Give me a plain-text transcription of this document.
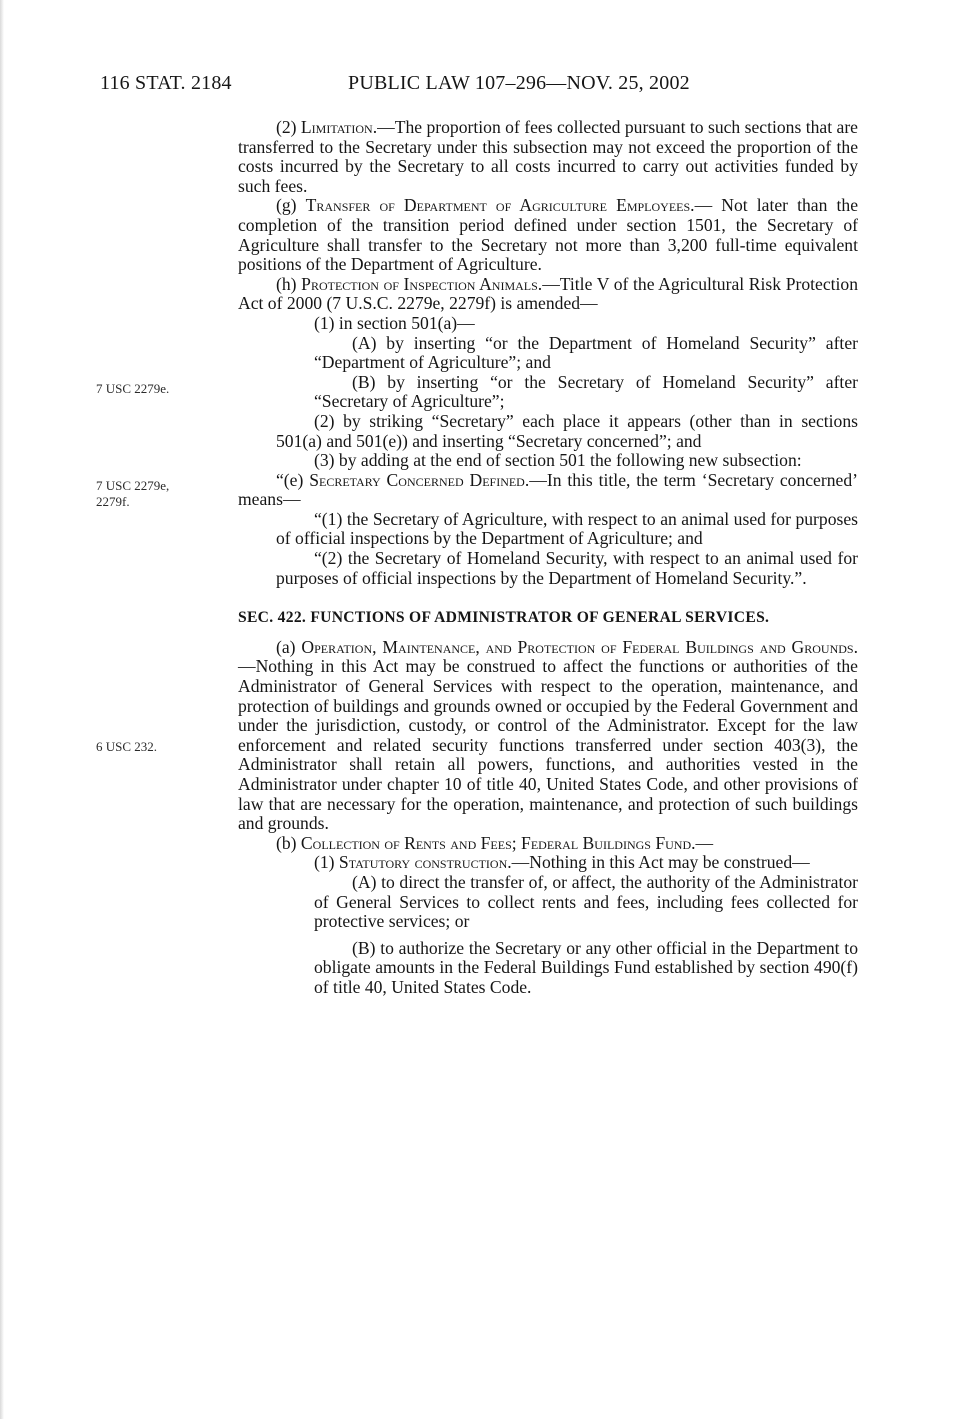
116 STAT. 2184	PUBLIC LAW 107–296—NOV. 25, 2002
7 USC 2279e.
7 USC 2279e,
2279f.
6 USC 232.

(2) Limitation.—The proportion of fees collected pursuant to such sections that are transferred to the Secretary under this subsection may not exceed the proportion of the costs incurred by the Secretary to all costs incurred to carry out activities funded by such fees.

(g) Transfer of Department of Agriculture Employees.— Not later than the completion of the transition period defined under section 1501, the Secretary of Agriculture shall transfer to the Secretary not more than 3,200 full-time equivalent positions of the Department of Agriculture.

(h) Protection of Inspection Animals.—Title V of the Agricultural Risk Protection Act of 2000 (7 U.S.C. 2279e, 2279f) is amended—

(1) in section 501(a)—

(A) by inserting “or the Department of Homeland Security” after “Department of Agriculture”; and

(B) by inserting “or the Secretary of Homeland Security” after “Secretary of Agriculture”;

(2) by striking “Secretary” each place it appears (other than in sections 501(a) and 501(e)) and inserting “Secretary concerned”; and

(3) by adding at the end of section 501 the following new subsection:

“(e) Secretary Concerned Defined.—In this title, the term ‘Secretary concerned’ means—

“(1) the Secretary of Agriculture, with respect to an animal used for purposes of official inspections by the Department of Agriculture; and

“(2) the Secretary of Homeland Security, with respect to an animal used for purposes of official inspections by the Department of Homeland Security.”.

SEC. 422. FUNCTIONS OF ADMINISTRATOR OF GENERAL SERVICES.

(a) Operation, Maintenance, and Protection of Federal Buildings and Grounds.—Nothing in this Act may be construed to affect the functions or authorities of the Administrator of General Services with respect to the operation, maintenance, and protection of buildings and grounds owned or occupied by the Federal Government and under the jurisdiction, custody, or control of the Administrator. Except for the law enforcement and related security functions transferred under section 403(3), the Administrator shall retain all powers, functions, and authorities vested in the Administrator under chapter 10 of title 40, United States Code, and other provisions of law that are necessary for the operation, maintenance, and protection of such buildings and grounds.

(b) Collection of Rents and Fees; Federal Buildings Fund.—

(1) Statutory construction.—Nothing in this Act may be construed—

(A) to direct the transfer of, or affect, the authority of the Administrator of General Services to collect rents and fees, including fees collected for protective services; or

(B) to authorize the Secretary or any other official in the Department to obligate amounts in the Federal Buildings Fund established by section 490(f) of title 40, United States Code.
